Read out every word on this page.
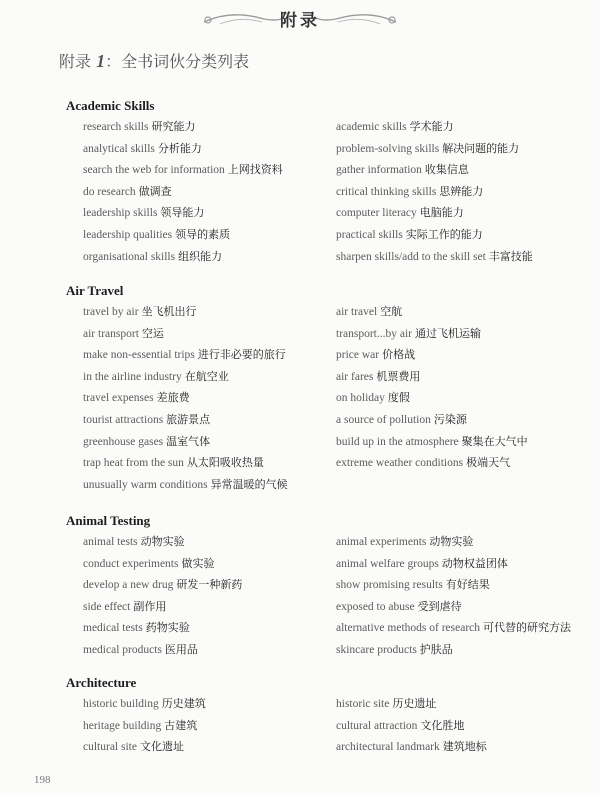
附录
附录 1：全书词伙分类列表
Academic Skills
research skills 研究能力	academic skills 学术能力
analytical skills 分析能力	problem-solving skills 解决问题的能力
search the web for information 上网找资料	gather information 收集信息
do research 做调查	critical thinking skills 思辨能力
leadership skills 领导能力	computer literacy 电脑能力
leadership qualities 领导的素质	practical skills 实际工作的能力
organisational skills 组织能力	sharpen skills/add to the skill set 丰富技能
Air Travel
travel by air 坐飞机出行	air travel 空航
air transport 空运	transport...by air 通过飞机运输
make non-essential trips 进行非必要的旅行	price war 价格战
in the airline industry 在航空业	air fares 机票费用
travel expenses 差旅费	on holiday 度假
tourist attractions 旅游景点	a source of pollution 污染源
greenhouse gases 温室气体	build up in the atmosphere 聚集在大气中
trap heat from the sun 从太阳吸收热量	extreme weather conditions 极端天气
unusually warm conditions 异常温暖的气候
Animal Testing
animal tests 动物实验	animal experiments 动物实验
conduct experiments 做实验	animal welfare groups 动物权益团体
develop a new drug 研发一种新药	show promising results 有好结果
side effect 副作用	exposed to abuse 受到虐待
medical tests 药物实验	alternative methods of research 可代替的研究方法
medical products 医用品	skincare products 护肤品
Architecture
historic building 历史建筑	historic site 历史遗址
heritage building 古建筑	cultural attraction 文化胜地
cultural site 文化遗址	architectural landmark 建筑地标
198
